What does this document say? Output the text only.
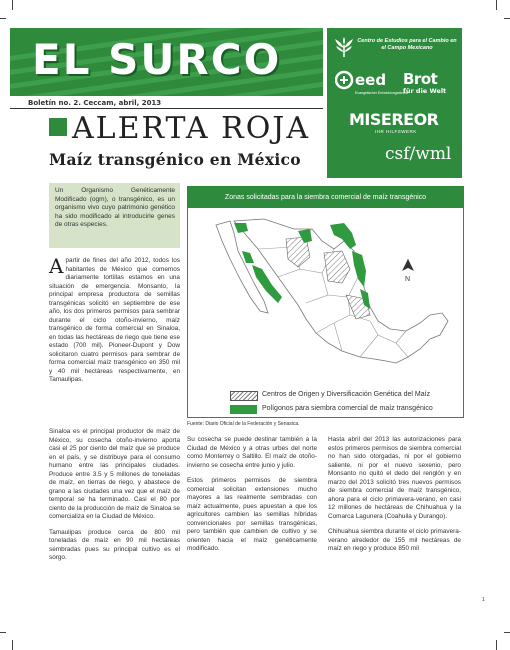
EL SURCO
Boletín no. 2. Ceccam, abril, 2013
Centro de Estudios para el Cambio en el Campo Mexicano
eed
Evangelischer Entwicklungsdienst
Brot
für die Welt
MISEREOR
IHR HILFSWERK
csf/wml
ALERTA ROJA
Maíz transgénico en México
Un Organismo Genéticamente Modificado (ogm), o transgénico, es un organismo vivo cuyo patrimonio genético ha sido modificado al introducirle genes de otras especies.

Apartir de fines del año 2012, todos los habitantes de México que comemos diariamente tortillas estamos en una situación de emergencia. Monsanto, la principal empresa productora de semillas transgénicas solicitó en septiembre de ese año, los dos primeros permisos para sembrar durante el ciclo otoño-invierno, maíz transgénico de forma comercial en Sinaloa, en todas las hectáreas de riego que tiene ese estado (700 mil). Pioneer-Dupont y Dow solicitaron cuatro permisos para sembrar de forma comercial maíz transgénico en 350 mil y 40 mil hectáreas respectivamente, en Tamaulipas.

Sinaloa es el principal productor de maíz de México, su cosecha otoño-invierno aporta casi el 25 por ciento del maíz que se produce en el país, y se distribuye para el consumo humano entre las principales ciudades. Produce entre 3.5 y 5 millones de toneladas de maíz, en tierras de riego, y abastece de grano a las ciudades una vez que el maíz de temporal se ha terminado. Casi el 80 por ciento de la producción de maíz de Sinaloa se comercializa en la Ciudad de México.

Tamaulipas produce cerca de 800 mil toneladas de maíz en 90 mil hectáreas sembradas pues su principal cultivo es el sorgo.

Zonas solicitadas para la siembra comercial de maíz transgénico
N
Centros de Origen y Diversificación Genética del Maíz
Polígonos para siembra comercial de maíz transgénico
Fuente: Diario Oficial de la Federación y Senasica.

Su cosecha se puede destinar también a la Ciudad de México y a otras urbes del norte como Monterrey o Saltillo. El maíz de otoño-invierno se cosecha entre junio y julio.

Estos primeros permisos de siembra comercial solicitan extensiones mucho mayores a las realmente sembradas con maíz actualmente, pues apuestan a que los agricultores cambien las semillas híbridas convencionales por semillas transgénicas, pero también que cambien de cultivo y se orienten hacia el maíz genéticamente modificado.

Hasta abril del 2013 las autorizaciones para estos primeros permisos de siembra comercial no han sido otorgadas, ni por el gobierno saliente, ni por el nuevo sexenio, pero Monsanto no quitó el dedo del renglón y en marzo del 2013 solicitó tres nuevos permisos de siembra comercial de maíz transgénico, ahora para el ciclo primavera-verano, en casi 12 millones de hectáreas de Chihuahua y la Comarca Lagunera (Coahuila y Durango).

Chihuahua siembra durante el ciclo primavera-verano alrededor de 155 mil hectáreas de maíz en riego y produce 850 mil

1
